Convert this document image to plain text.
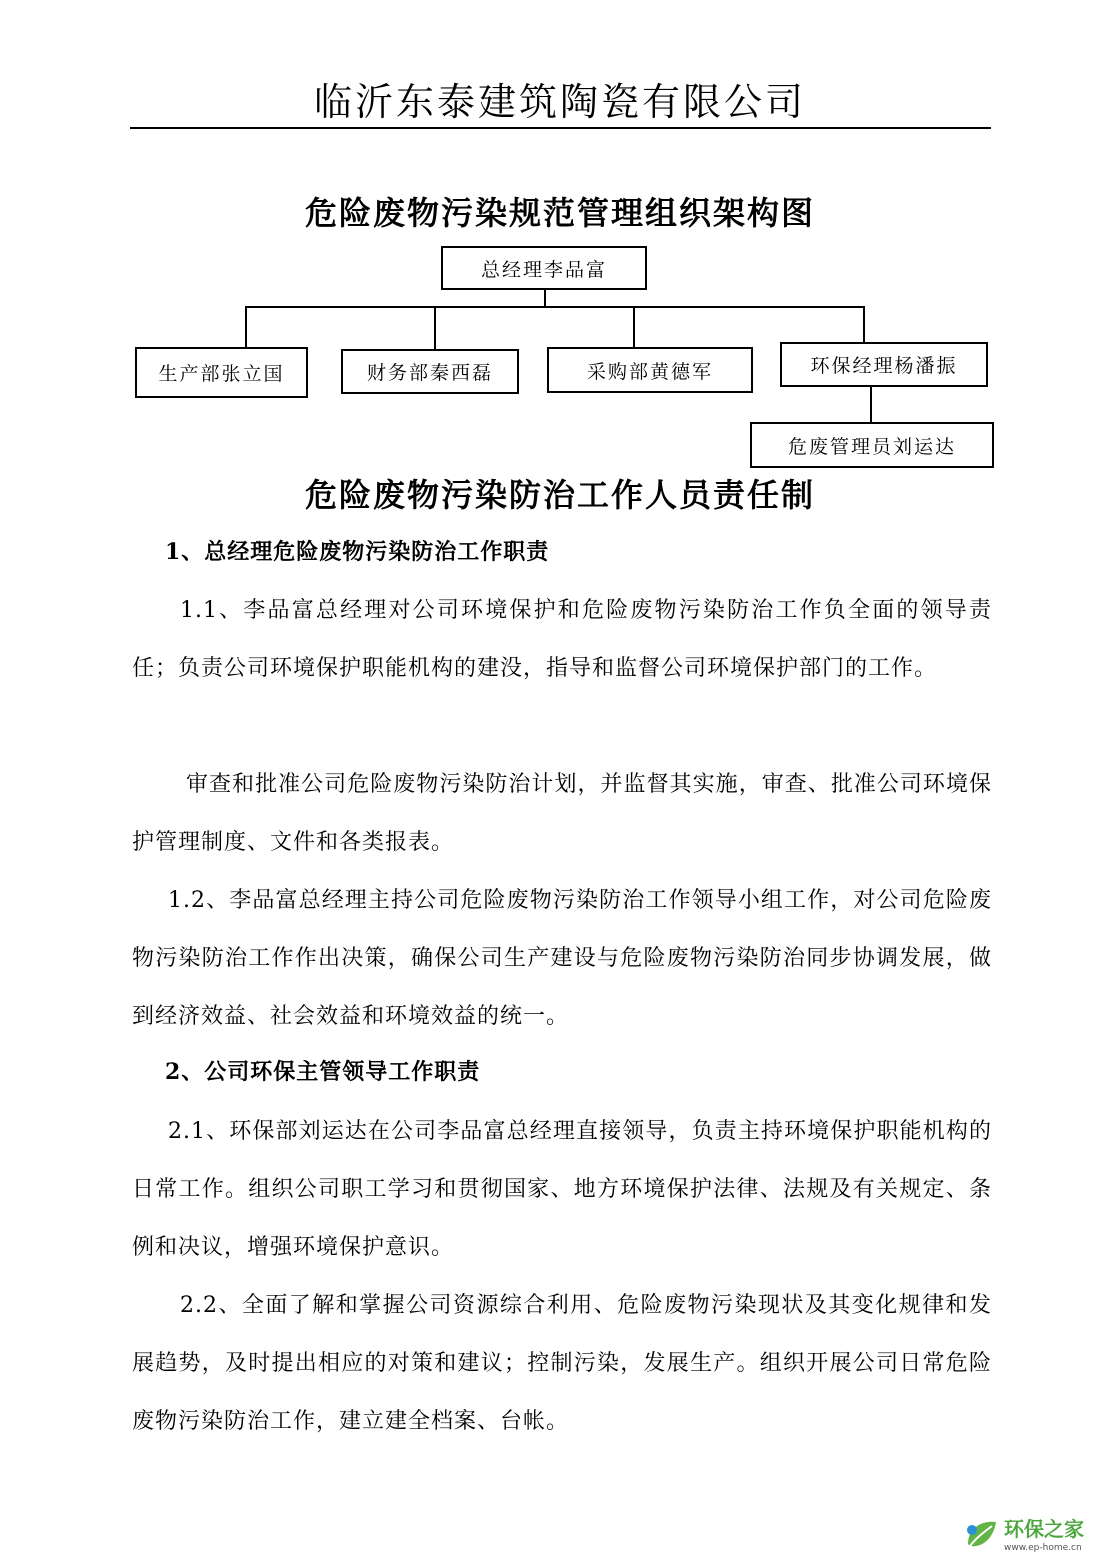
临沂东泰建筑陶瓷有限公司
危险废物污染规范管理组织架构图
总经理李品富
生产部张立国	财务部秦西磊	采购部黄德军	环保经理杨潘振
危废管理员刘运达
危险废物污染防治工作人员责任制
1、总经理危险废物污染防治工作职责

1.1、李品富总经理对公司环境保护和危险废物污染防治工作负全面的领导责任；负责公司环境保护职能机构的建没，指导和监督公司环境保护部门的工作。

审查和批准公司危险废物污染防治计划，并监督其实施，审查、批准公司环境保护管理制度、文件和各类报表。

1.2、李品富总经理主持公司危险废物污染防治工作领导小组工作，对公司危险废物污染防治工作作出决策，确保公司生产建设与危险废物污染防治同步协调发展，做到经济效益、社会效益和环境效益的统一。

2、公司环保主管领导工作职责

2.1、环保部刘运达在公司李品富总经理直接领导，负责主持环境保护职能机构的日常工作。组织公司职工学习和贯彻国家、地方环境保护法律、法规及有关规定、条例和决议，增强环境保护意识。

2.2、全面了解和掌握公司资源综合利用、危险废物污染现状及其变化规律和发展趋势，及时提出相应的对策和建议；控制污染，发展生产。组织开展公司日常危险废物污染防治工作，建立建全档案、台帐。

环保之家
www.ep-home.cn
